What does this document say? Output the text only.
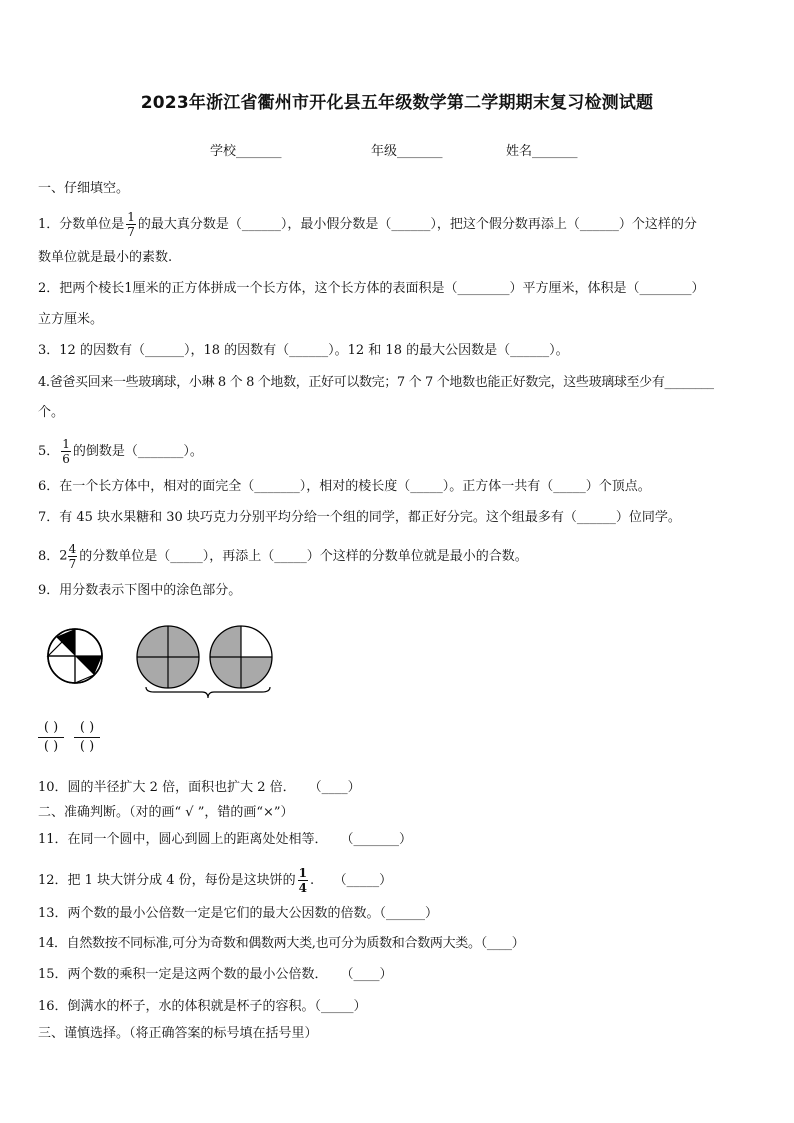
2023年浙江省衢州市开化县五年级数学第二学期期末复习检测试题
学校_______	年级_______	姓名_______
一、仔细填空。
1．分数单位是 $\frac{1}{7}$ 的最大真分数是（______），最小假分数是（______），把这个假分数再添上（______）个这样的分
数单位就是最小的素数.
2．把两个棱长1厘米的正方体拼成一个长方体，这个长方体的表面积是（________）平方厘米，体积是（________）
立方厘米。
3．12 的因数有（______），18 的因数有（______）。12 和 18 的最大公因数是（______）。
4.爸爸买回来一些玻璃球，小琳 8 个 8 个地数，正好可以数完；7 个 7 个地数也能正好数完，这些玻璃球至少有________
个。
5． $\frac{1}{6}$ 的倒数是（_______）。
6．在一个长方体中，相对的面完全（_______），相对的棱长度（_____）。正方体一共有（_____）个顶点。
7．有 45 块水果糖和 30 块巧克力分别平均分给一个组的同学，都正好分完。这个组最多有（______）位同学。
8．$2 \frac{4}{7}$ 的分数单位是（_____），再添上（_____）个这样的分数单位就是最小的合数。
9．用分数表示下图中的涂色部分。
( )
( )
( )
( )
10．圆的半径扩大 2 倍，面积也扩大 2 倍．　　（____）
二、准确判断。（对的画“ √ ”，错的画“×”）
11．在同一个圆中，圆心到圆上的距离处处相等．　　（_______）
12．把 1 块大饼分成 4 份，每份是这块饼的 $\frac{1}{4}$ .　　（_____）
13．两个数的最小公倍数一定是它们的最大公因数的倍数。（______）
14．自然数按不同标准,可分为奇数和偶数两大类,也可分为质数和合数两大类。（____）
15．两个数的乘积一定是这两个数的最小公倍数．　　（____）
16．倒满水的杯子，水的体积就是杯子的容积。（_____）
三、谨慎选择。（将正确答案的标号填在括号里）
